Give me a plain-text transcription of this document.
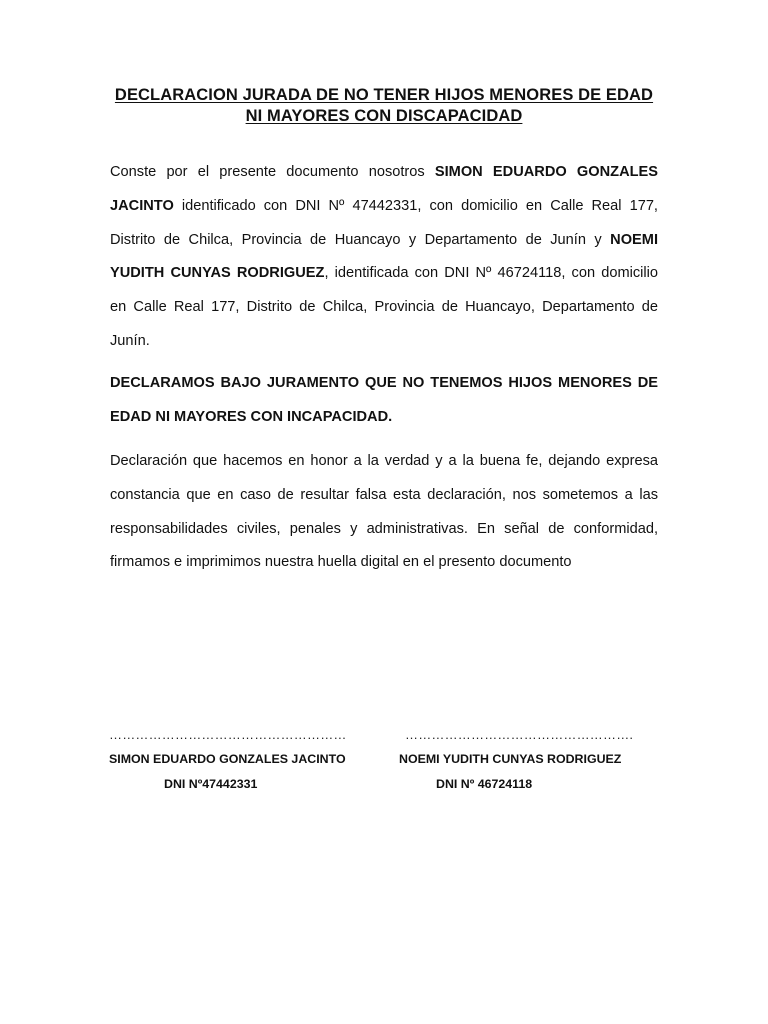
DECLARACION JURADA DE NO TENER HIJOS MENORES DE EDAD NI MAYORES CON DISCAPACIDAD

Conste por el presente documento nosotros SIMON EDUARDO GONZALES JACINTO identificado con DNI Nº 47442331, con domicilio en Calle Real 177, Distrito de Chilca, Provincia de Huancayo y Departamento de Junín y NOEMI YUDITH CUNYAS RODRIGUEZ, identificada con DNI Nº 46724118, con domicilio en Calle Real 177, Distrito de Chilca, Provincia de Huancayo, Departamento de Junín.

DECLARAMOS BAJO JURAMENTO QUE NO TENEMOS HIJOS MENORES DE EDAD NI MAYORES CON INCAPACIDAD.

Declaración que hacemos en honor a la verdad y a la buena fe, dejando expresa constancia que en caso de resultar falsa esta declaración, nos sometemos a las responsabilidades civiles, penales y administrativas. En señal de conformidad, firmamos e imprimimos nuestra huella digital en el presento documento

………………………………………………	…………………………………………….
SIMON EDUARDO GONZALES JACINTO	NOEMI YUDITH CUNYAS RODRIGUEZ
DNI Nº47442331	DNI Nº 46724118
